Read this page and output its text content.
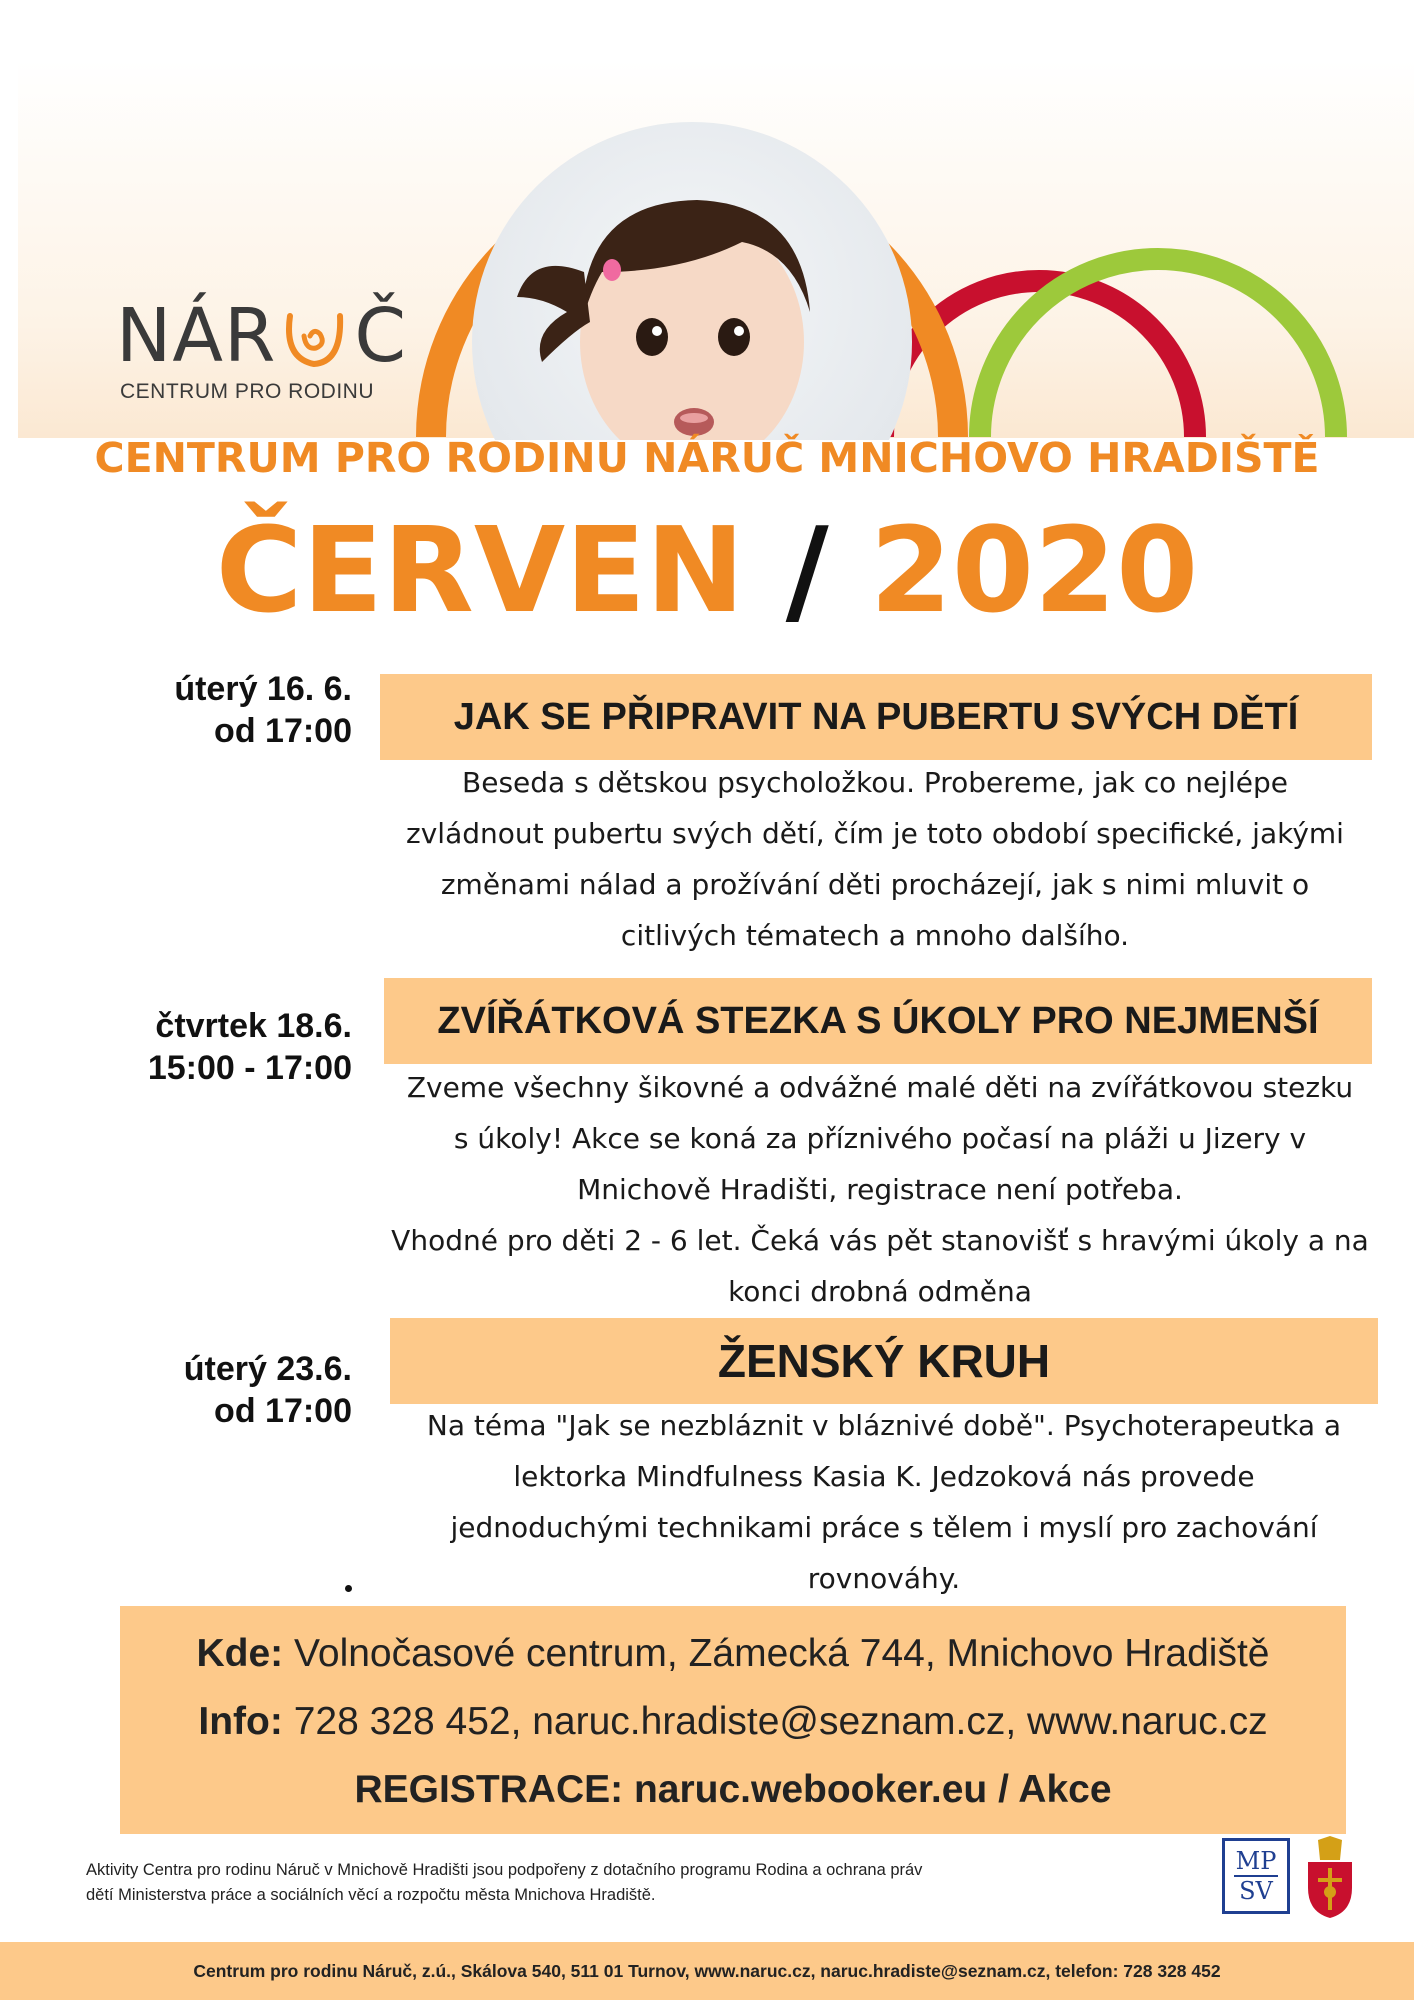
NÁR Č
CENTRUM PRO RODINU
CENTRUM PRO RODINU NÁRUČ MNICHOVO HRADIŠTĚ
ČERVEN / 2020
úterý 16. 6.
od 17:00	JAK SE PŘIPRAVIT NA PUBERTU SVÝCH DĚTÍ
Beseda s dětskou psycholožkou. Probereme, jak co nejlépe
zvládnout pubertu svých dětí, čím je toto období specifické, jakými
změnami nálad a prožívání děti procházejí, jak s nimi mluvit o
citlivých tématech a mnoho dalšího.
čtvrtek 18.6.
15:00 - 17:00
ZVÍŘÁTKOVÁ STEZKA S ÚKOLY PRO NEJMENŠÍ
Zveme všechny šikovné a odvážné malé děti na zvířátkovou stezku
s úkoly! Akce se koná za příznivého počasí na pláži u Jizery v
Mnichově Hradišti, registrace není potřeba.
Vhodné pro děti 2 - 6 let. Čeká vás pět stanovišť s hravými úkoly a na
konci drobná odměna
úterý 23.6.
od 17:00
ŽENSKÝ KRUH
Na téma "Jak se nezbláznit v bláznivé době". Psychoterapeutka a
lektorka Mindfulness Kasia K. Jedzoková nás provede
jednoduchými technikami práce s tělem i myslí pro zachování
rovnováhy.
Kde: Volnočasové centrum, Zámecká 744, Mnichovo Hradiště
Info: 728 328 452, naruc.hradiste@seznam.cz, www.naruc.cz
REGISTRACE: naruc.webooker.eu / Akce
Aktivity Centra pro rodinu Náruč v Mnichově Hradišti jsou podpořeny z dotačního programu Rodina a ochrana práv
dětí Ministerstva práce a sociálních věcí a rozpočtu města Mnichova Hradiště.
MP
SV
Centrum pro rodinu Náruč, z.ú., Skálova 540, 511 01 Turnov, www.naruc.cz, naruc.hradiste@seznam.cz, telefon: 728 328 452
